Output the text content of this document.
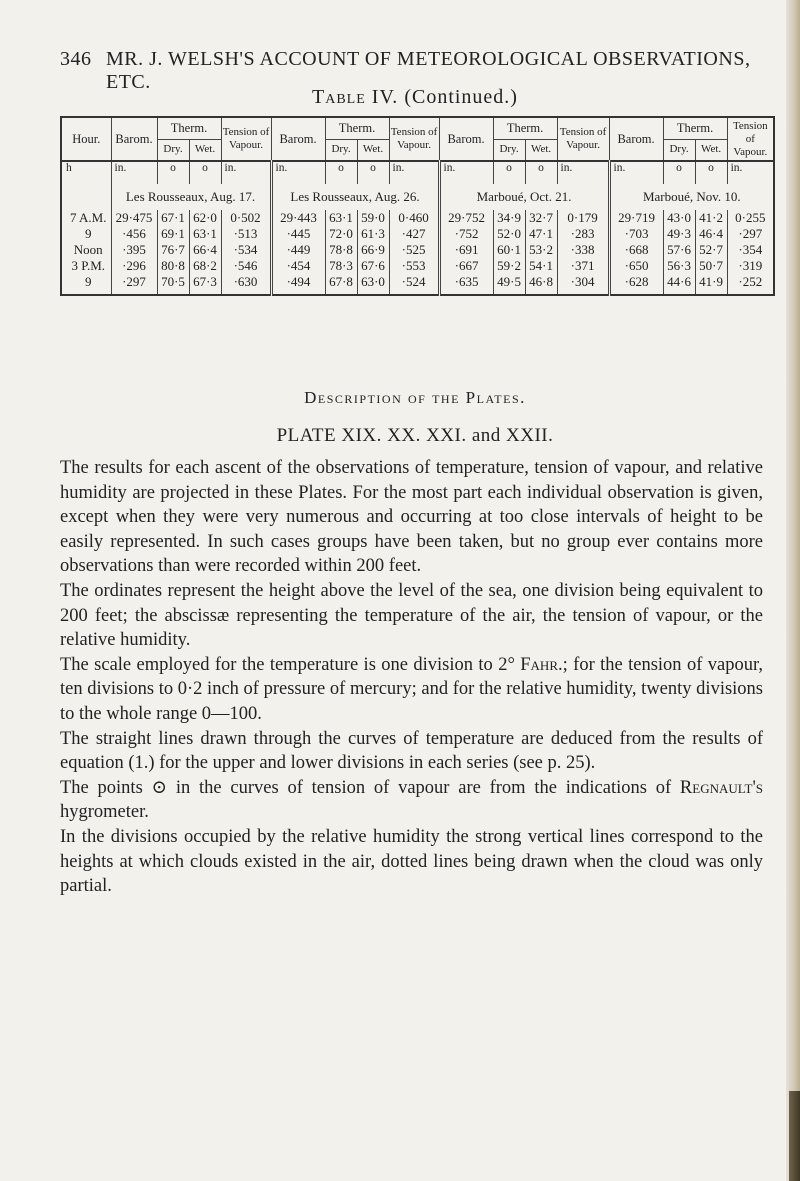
346 MR. J. WELSH'S ACCOUNT OF METEOROLOGICAL OBSERVATIONS, ETC.
Table IV. (Continued.)
Hour.	Barom.	Therm.		Tension of Vapour.	Barom.	Therm.		Tension of Vapour.	Barom.	Therm.		Tension of Vapour.	Barom.	Therm.		Tension of Vapour.
		Dry.	Wet.			Dry.	Wet.			Dry.	Wet.			Dry.	Wet.	
h	in.	o	o	in.	in.	o	o	in.	in.	o	o	in.	in.	o	o	in.
	Les Rousseaux, Aug. 17.				Les Rousseaux, Aug. 26.				Marboué, Oct. 21.				Marboué, Nov. 10.			
7 A.M.	29·475	67·1	62·0	0·502	29·443	63·1	59·0	0·460	29·752	34·9	32·7	0·179	29·719	43·0	41·2	0·255
9	·456	69·1	63·1	·513	·445	72·0	61·3	·427	·752	52·0	47·1	·283	·703	49·3	46·4	·297
Noon	·395	76·7	66·4	·534	·449	78·8	66·9	·525	·691	60·1	53·2	·338	·668	57·6	52·7	·354
3 P.M.	·296	80·8	68·2	·546	·454	78·3	67·6	·553	·667	59·2	54·1	·371	·650	56·3	50·7	·319
9	·297	70·5	67·3	·630	·494	67·8	63·0	·524	·635	49·5	46·8	·304	·628	44·6	41·9	·252
Description of the Plates.
PLATE XIX. XX. XXI. and XXII.

The results for each ascent of the observations of temperature, tension of vapour, and relative humidity are projected in these Plates. For the most part each individual observation is given, except when they were very numerous and occurring at too close intervals of height to be easily represented. In such cases groups have been taken, but no group ever contains more observations than were recorded within 200 feet.

The ordinates represent the height above the level of the sea, one division being equivalent to 200 feet; the abscissæ representing the temperature of the air, the tension of vapour, or the relative humidity.

The scale employed for the temperature is one division to 2° Fahr.; for the tension of vapour, ten divisions to 0·2 inch of pressure of mercury; and for the relative humidity, twenty divisions to the whole range 0—100.

The straight lines drawn through the curves of temperature are deduced from the results of equation (1.) for the upper and lower divisions in each series (see p. 25).

The points ⊙ in the curves of tension of vapour are from the indications of Regnault's hygrometer.

In the divisions occupied by the relative humidity the strong vertical lines correspond to the heights at which clouds existed in the air, dotted lines being drawn when the cloud was only partial.
